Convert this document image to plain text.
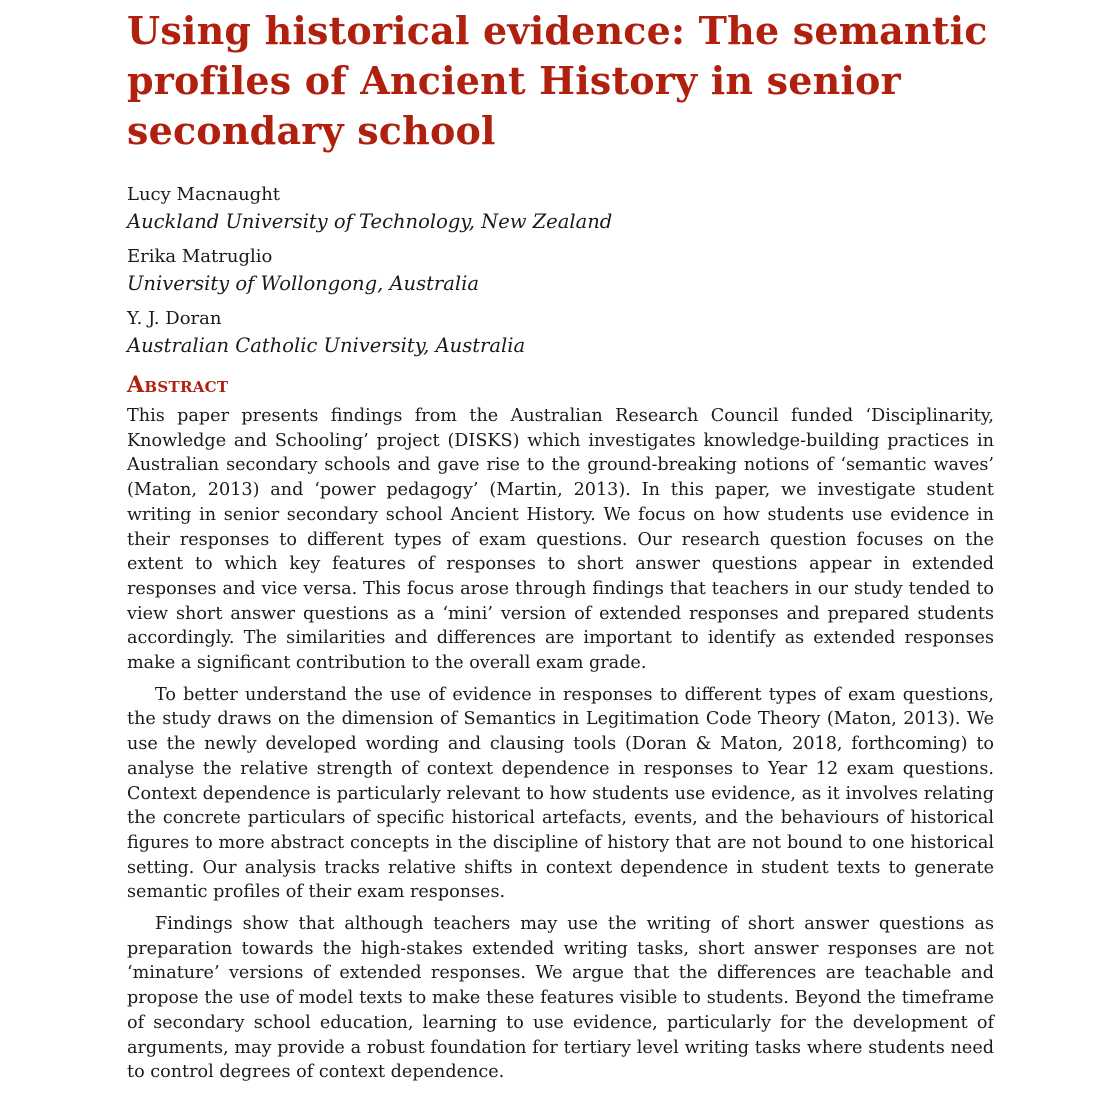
Using historical evidence: The semantic profiles of Ancient History in senior secondary school
Lucy Macnaught
Auckland University of Technology, New Zealand
Erika Matruglio
University of Wollongong, Australia
Y. J. Doran
Australian Catholic University, Australia
Abstract

This paper presents findings from the Australian Research Council funded ‘Disciplinarity, Knowledge and Schooling’ project (DISKS) which investigates knowledge-building practices in Australian secondary schools and gave rise to the ground-breaking notions of ‘semantic waves’ (Maton, 2013) and ‘power pedagogy’ (Martin, 2013). In this paper, we investigate student writing in senior secondary school Ancient History. We focus on how students use evidence in their responses to different types of exam questions. Our research question focuses on the extent to which key features of responses to short answer questions appear in extended responses and vice versa. This focus arose through findings that teachers in our study tended to view short answer questions as a ‘mini’ version of extended responses and prepared students accordingly. The similarities and differences are important to identify as extended responses make a significant contribution to the overall exam grade.

To better understand the use of evidence in responses to different types of exam questions, the study draws on the dimension of Semantics in Legitimation Code Theory (Maton, 2013). We use the newly developed wording and clausing tools (Doran & Maton, 2018, forthcoming) to analyse the relative strength of context dependence in responses to Year 12 exam questions. Context dependence is particularly relevant to how students use evidence, as it involves relating the concrete particulars of specific historical artefacts, events, and the behaviours of historical figures to more abstract concepts in the discipline of history that are not bound to one historical setting. Our analysis tracks relative shifts in context dependence in student texts to generate semantic profiles of their exam responses.

Findings show that although teachers may use the writing of short answer questions as preparation towards the high-stakes extended writing tasks, short answer responses are not ‘minature’ versions of extended responses. We argue that the differences are teachable and propose the use of model texts to make these features visible to students. Beyond the timeframe of secondary school education, learning to use evidence, particularly for the development of arguments, may provide a robust foundation for tertiary level writing tasks where students need to control degrees of context dependence.
